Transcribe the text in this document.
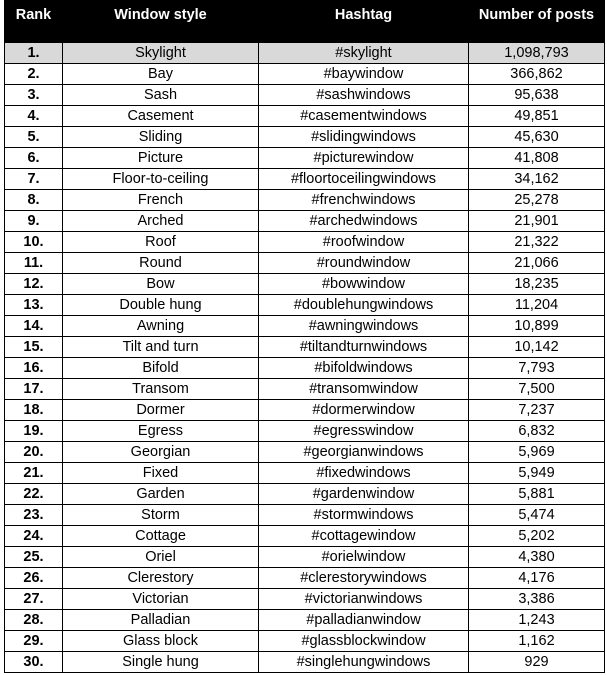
Rank	Window style	Hashtag	Number of posts
1.	Skylight	#skylight	1,098,793
2.	Bay	#baywindow	366,862
3.	Sash	#sashwindows	95,638
4.	Casement	#casementwindows	49,851
5.	Sliding	#slidingwindows	45,630
6.	Picture	#picturewindow	41,808
7.	Floor-to-ceiling	#floortoceilingwindows	34,162
8.	French	#frenchwindows	25,278
9.	Arched	#archedwindows	21,901
10.	Roof	#roofwindow	21,322
11.	Round	#roundwindow	21,066
12.	Bow	#bowwindow	18,235
13.	Double hung	#doublehungwindows	11,204
14.	Awning	#awningwindows	10,899
15.	Tilt and turn	#tiltandturnwindows	10,142
16.	Bifold	#bifoldwindows	7,793
17.	Transom	#transomwindow	7,500
18.	Dormer	#dormerwindow	7,237
19.	Egress	#egresswindow	6,832
20.	Georgian	#georgianwindows	5,969
21.	Fixed	#fixedwindows	5,949
22.	Garden	#gardenwindow	5,881
23.	Storm	#stormwindows	5,474
24.	Cottage	#cottagewindow	5,202
25.	Oriel	#orielwindow	4,380
26.	Clerestory	#clerestorywindows	4,176
27.	Victorian	#victorianwindows	3,386
28.	Palladian	#palladianwindow	1,243
29.	Glass block	#glassblockwindow	1,162
30.	Single hung	#singlehungwindows	929
